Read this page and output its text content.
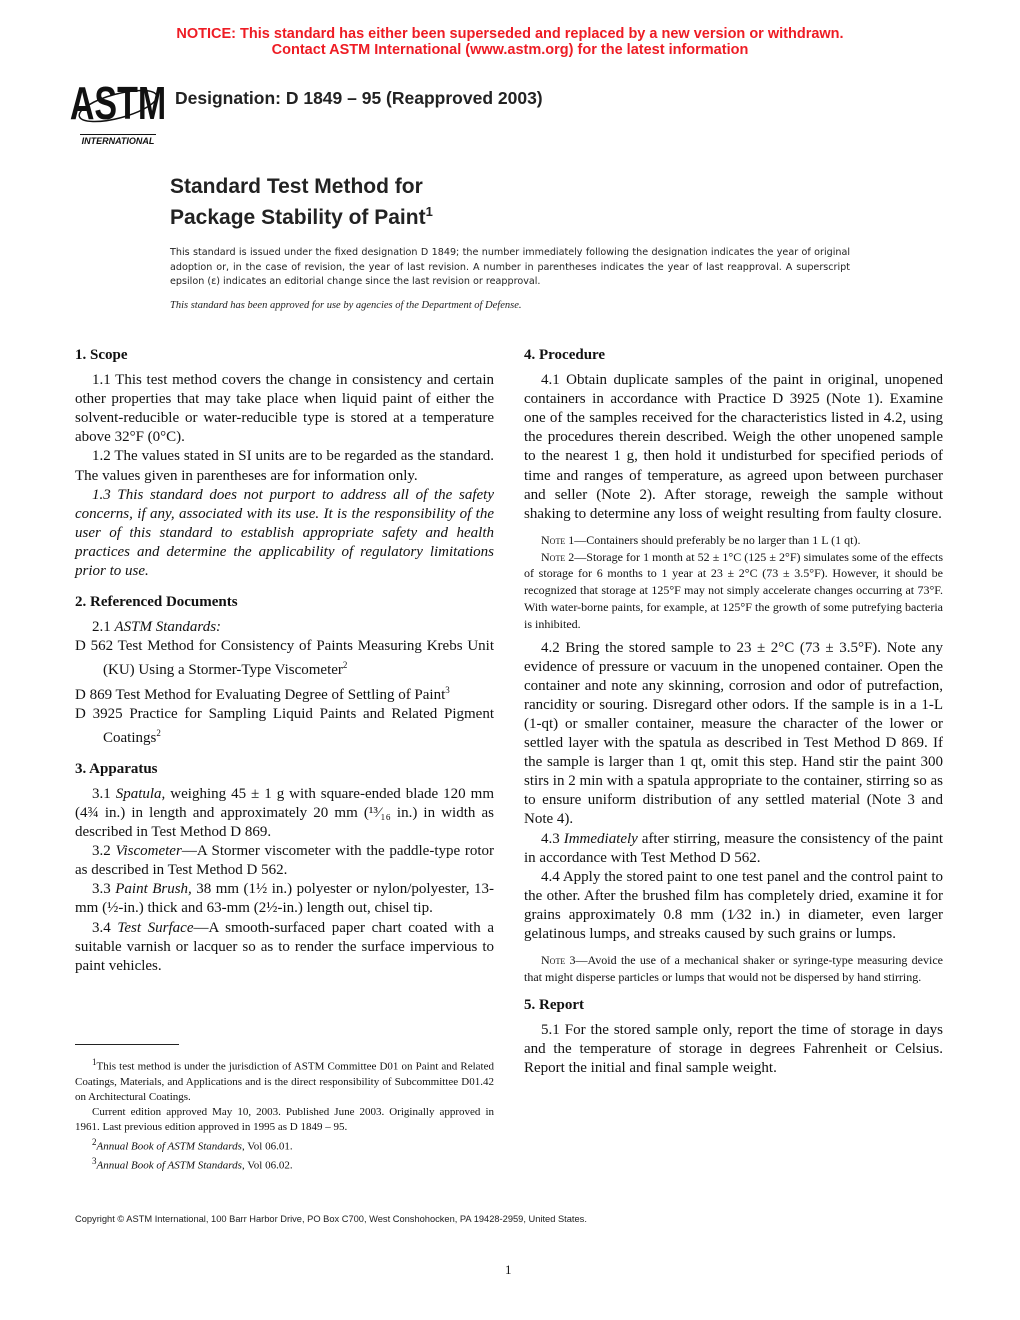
NOTICE: This standard has either been superseded and replaced by a new version or withdrawn.
Contact ASTM International (www.astm.org) for the latest information
ASTM
INTERNATIONAL
Designation: D 1849 – 95 (Reapproved 2003)
Standard Test Method for
Package Stability of Paint$^1$
This standard is issued under the fixed designation D 1849; the number immediately following the designation indicates the year of original adoption or, in the case of revision, the year of last revision. A number in parentheses indicates the year of last reapproval. A superscript epsilon (ε) indicates an editorial change since the last revision or reapproval.
This standard has been approved for use by agencies of the Department of Defense.
1. Scope

1.1 This test method covers the change in consistency and certain other properties that may take place when liquid paint of either the solvent-reducible or water-reducible type is stored at a temperature above 32°F (0°C).

1.2 The values stated in SI units are to be regarded as the standard. The values given in parentheses are for information only.

1.3 This standard does not purport to address all of the safety concerns, if any, associated with its use. It is the responsibility of the user of this standard to establish appropriate safety and health practices and determine the applicability of regulatory limitations prior to use.

2. Referenced Documents

2.1 ASTM Standards:

D 562 Test Method for Consistency of Paints Measuring Krebs Unit (KU) Using a Stormer-Type Viscometer$^2$

D 869 Test Method for Evaluating Degree of Settling of Paint$^3$

D 3925 Practice for Sampling Liquid Paints and Related Pigment Coatings$^2$

3. Apparatus

3.1 Spatula, weighing 45 ± 1 g with square-ended blade 120 mm (4¾ in.) in length and approximately 20 mm (¹³⁄₁₆ in.) in width as described in Test Method D 869.

3.2 Viscometer—A Stormer viscometer with the paddle-type rotor as described in Test Method D 562.

3.3 Paint Brush, 38 mm (1½ in.) polyester or nylon/polyester, 13-mm (½-in.) thick and 63-mm (2½-in.) length out, chisel tip.

3.4 Test Surface—A smooth-surfaced paper chart coated with a suitable varnish or lacquer so as to render the surface impervious to paint vehicles.

$^1$This test method is under the jurisdiction of ASTM Committee D01 on Paint and Related Coatings, Materials, and Applications and is the direct responsibility of Subcommittee D01.42 on Architectural Coatings.

Current edition approved May 10, 2003. Published June 2003. Originally approved in 1961. Last previous edition approved in 1995 as D 1849 – 95.

$^2$Annual Book of ASTM Standards, Vol 06.01.

$^3$Annual Book of ASTM Standards, Vol 06.02.

4. Procedure

4.1 Obtain duplicate samples of the paint in original, unopened containers in accordance with Practice D 3925 (Note 1). Examine one of the samples received for the characteristics listed in 4.2, using the procedures therein described. Weigh the other unopened sample to the nearest 1 g, then hold it undisturbed for specified periods of time and ranges of temperature, as agreed upon between purchaser and seller (Note 2). After storage, reweigh the sample without shaking to determine any loss of weight resulting from faulty closure.

Note 1—Containers should preferably be no larger than 1 L (1 qt).

Note 2—Storage for 1 month at 52 ± 1°C (125 ± 2°F) simulates some of the effects of storage for 6 months to 1 year at 23 ± 2°C (73 ± 3.5°F). However, it should be recognized that storage at 125°F may not simply accelerate changes occurring at 73°F. With water-borne paints, for example, at 125°F the growth of some putrefying bacteria is inhibited.

4.2 Bring the stored sample to 23 ± 2°C (73 ± 3.5°F). Note any evidence of pressure or vacuum in the unopened container. Open the container and note any skinning, corrosion and odor of putrefaction, rancidity or souring. Disregard other odors. If the sample is in a 1-L (1-qt) or smaller container, measure the character of the lower or settled layer with the spatula as described in Test Method D 869. If the sample is larger than 1 qt, omit this step. Hand stir the paint 300 stirs in 2 min with a spatula appropriate to the container, stirring so as to ensure uniform distribution of any settled material (Note 3 and Note 4).

4.3 Immediately after stirring, measure the consistency of the paint in accordance with Test Method D 562.

4.4 Apply the stored paint to one test panel and the control paint to the other. After the brushed film has completely dried, examine it for grains approximately 0.8 mm (1⁄32 in.) in diameter, even larger gelatinous lumps, and streaks caused by such grains or lumps.

Note 3—Avoid the use of a mechanical shaker or syringe-type measuring device that might disperse particles or lumps that would not be dispersed by hand stirring.

5. Report

5.1 For the stored sample only, report the time of storage in days and the temperature of storage in degrees Fahrenheit or Celsius. Report the initial and final sample weight.

Copyright © ASTM International, 100 Barr Harbor Drive, PO Box C700, West Conshohocken, PA 19428-2959, United States.
1
